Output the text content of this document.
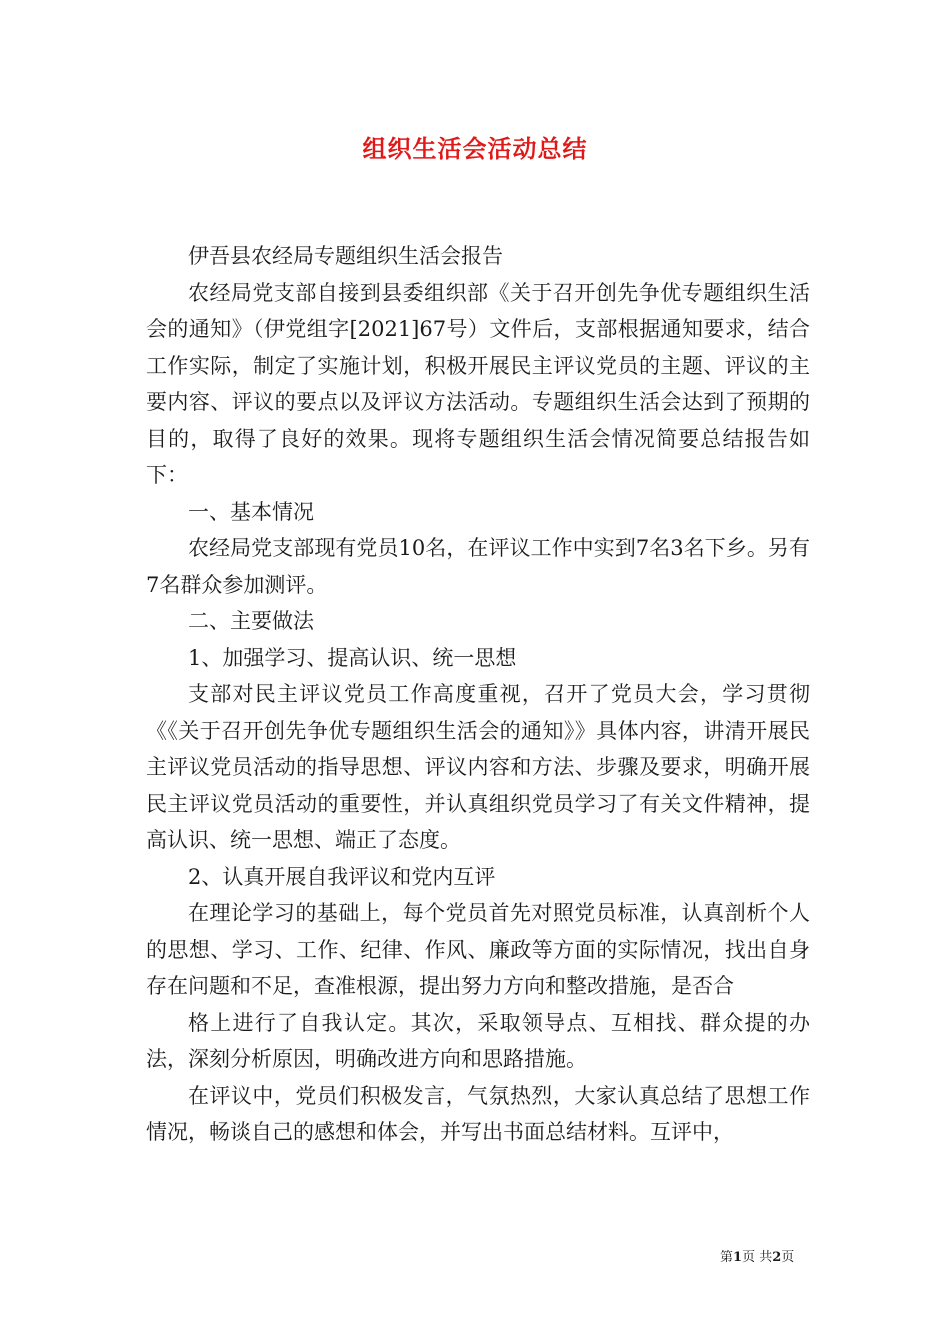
组织生活会活动总结

伊吾县农经局专题组织生活会报告

农经局党支部自接到县委组织部《关于召开创先争优专题组织生活会的通知》（伊党组字[2021]67号）文件后，支部根据通知要求，结合工作实际，制定了实施计划，积极开展民主评议党员的主题、评议的主要内容、评议的要点以及评议方法活动。专题组织生活会达到了预期的目的，取得了良好的效果。现将专题组织生活会情况简要总结报告如下：

一、基本情况

农经局党支部现有党员10名，在评议工作中实到7名3名下乡。另有7名群众参加测评。

二、主要做法

1、加强学习、提高认识、统一思想

支部对民主评议党员工作高度重视，召开了党员大会，学习贯彻《《关于召开创先争优专题组织生活会的通知》》具体内容，讲清开展民主评议党员活动的指导思想、评议内容和方法、步骤及要求，明确开展民主评议党员活动的重要性，并认真组织党员学习了有关文件精神，提高认识、统一思想、端正了态度。

2、认真开展自我评议和党内互评

在理论学习的基础上，每个党员首先对照党员标准，认真剖析个人的思想、学习、工作、纪律、作风、廉政等方面的实际情况，找出自身存在问题和不足，查准根源，提出努力方向和整改措施，是否合

格上进行了自我认定。其次，采取领导点、互相找、群众提的办法，深刻分析原因，明确改进方向和思路措施。

在评议中，党员们积极发言，气氛热烈，大家认真总结了思想工作情况，畅谈自己的感想和体会，并写出书面总结材料。互评中，

第1页 共2页
